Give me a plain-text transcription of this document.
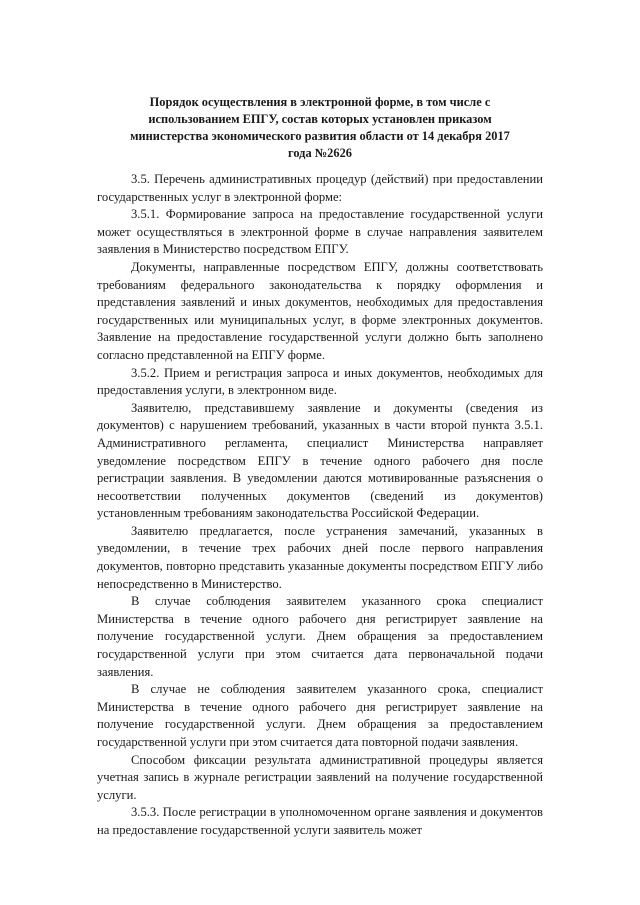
Порядок осуществления в электронной форме, в том числе с использованием ЕПГУ, состав которых установлен приказом министерства экономического развития области от 14 декабря 2017 года №2626

3.5. Перечень административных процедур (действий) при предоставлении государственных услуг в электронной форме:

3.5.1. Формирование запроса на предоставление государственной услуги может осуществляться в электронной форме в случае направления заявителем заявления в Министерство посредством ЕПГУ.

Документы, направленные посредством ЕПГУ, должны соответствовать требованиям федерального законодательства к порядку оформления и представления заявлений и иных документов, необходимых для предоставления государственных или муниципальных услуг, в форме электронных документов. Заявление на предоставление государственной услуги должно быть заполнено согласно представленной на ЕПГУ форме.

3.5.2. Прием и регистрация запроса и иных документов, необходимых для предоставления услуги, в электронном виде.

Заявителю, представившему заявление и документы (сведения из документов) с нарушением требований, указанных в части второй пункта 3.5.1. Административного регламента, специалист Министерства направляет уведомление посредством ЕПГУ в течение одного рабочего дня после регистрации заявления. В уведомлении даются мотивированные разъяснения о несоответствии полученных документов (сведений из документов) установленным требованиям законодательства Российской Федерации.

Заявителю предлагается, после устранения замечаний, указанных в уведомлении, в течение трех рабочих дней после первого направления документов, повторно представить указанные документы посредством ЕПГУ либо непосредственно в Министерство.

В случае соблюдения заявителем указанного срока специалист Министерства в течение одного рабочего дня регистрирует заявление на получение государственной услуги. Днем обращения за предоставлением государственной услуги при этом считается дата первоначальной подачи заявления.

В случае не соблюдения заявителем указанного срока, специалист Министерства в течение одного рабочего дня регистрирует заявление на получение государственной услуги. Днем обращения за предоставлением государственной услуги при этом считается дата повторной подачи заявления.

Способом фиксации результата административной процедуры является учетная запись в журнале регистрации заявлений на получение государственной услуги.

3.5.3. После регистрации в уполномоченном органе заявления и документов на предоставление государственной услуги заявитель может
